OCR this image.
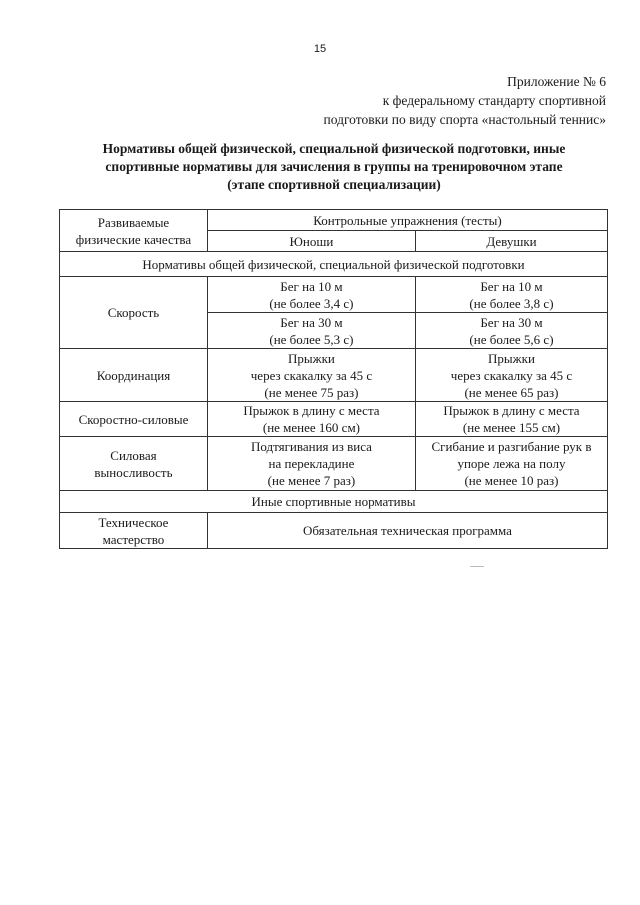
15
Приложение № 6
к федеральному стандарту спортивной
подготовки по виду спорта «настольный теннис»
Нормативы общей физической, специальной физической подготовки, иные
спортивные нормативы для зачисления в группы на тренировочном этапе
(этапе спортивной специализации)
Развиваемые
физические качества	Контрольные упражнения (тесты)	
	Юноши	Девушки
Нормативы общей физической, специальной физической подготовки		
Скорость	Бег на 10 м
(не более 3,4 с)	Бег на 10 м
(не более 3,8 с)

	Бег на 30 м
(не более 5,3 с)	Бег на 30 м
(не более 5,6 с)

Координация	Прыжки
через скакалку за 45 с
(не менее 75 раз)	Прыжки
через скакалку за 45 с
(не менее 65 раз)

Скоростно-силовые	Прыжок в длину с места
(не менее 160 см)	Прыжок в длину с места
(не менее 155 см)

Силовая
выносливость	Подтягивания из виса
на перекладине
(не менее 7 раз)	Сгибание и разгибание рук в
упоре лежа на полу
(не менее 10 раз)

Иные спортивные нормативы		

Техническое
мастерство	Обязательная техническая программа	
